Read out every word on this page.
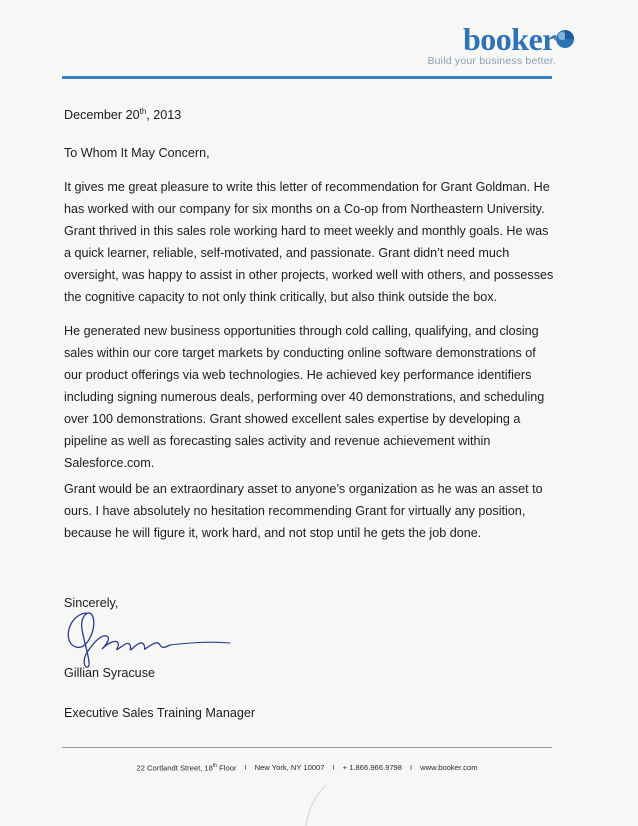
booker
Build your business better.
December 20th, 2013
To Whom It May Concern,

It gives me great pleasure to write this letter of recommendation for Grant Goldman. He has worked with our company for six months on a Co-op from Northeastern University. Grant thrived in this sales role working hard to meet weekly and monthly goals. He was a quick learner, reliable, self-motivated, and passionate. Grant didn’t need much oversight, was happy to assist in other projects, worked well with others, and possesses the cognitive capacity to not only think critically, but also think outside the box.

He generated new business opportunities through cold calling, qualifying, and closing sales within our core target markets by conducting online software demonstrations of our product offerings via web technologies. He achieved key performance identifiers including signing numerous deals, performing over 40 demonstrations, and scheduling over 100 demonstrations. Grant showed excellent sales expertise by developing a pipeline as well as forecasting sales activity and revenue achievement within Salesforce.com.

Grant would be an extraordinary asset to anyone’s organization as he was an asset to ours. I have absolutely no hesitation recommending Grant for virtually any position, because he will figure it, work hard, and not stop until he gets the job done.

Sincerely,
Gillian Syracuse
Executive Sales Training Manager
22 Cortlandt Street, 18th Floor I New York, NY 10007 I + 1.866.966.9798 I www.booker.com
